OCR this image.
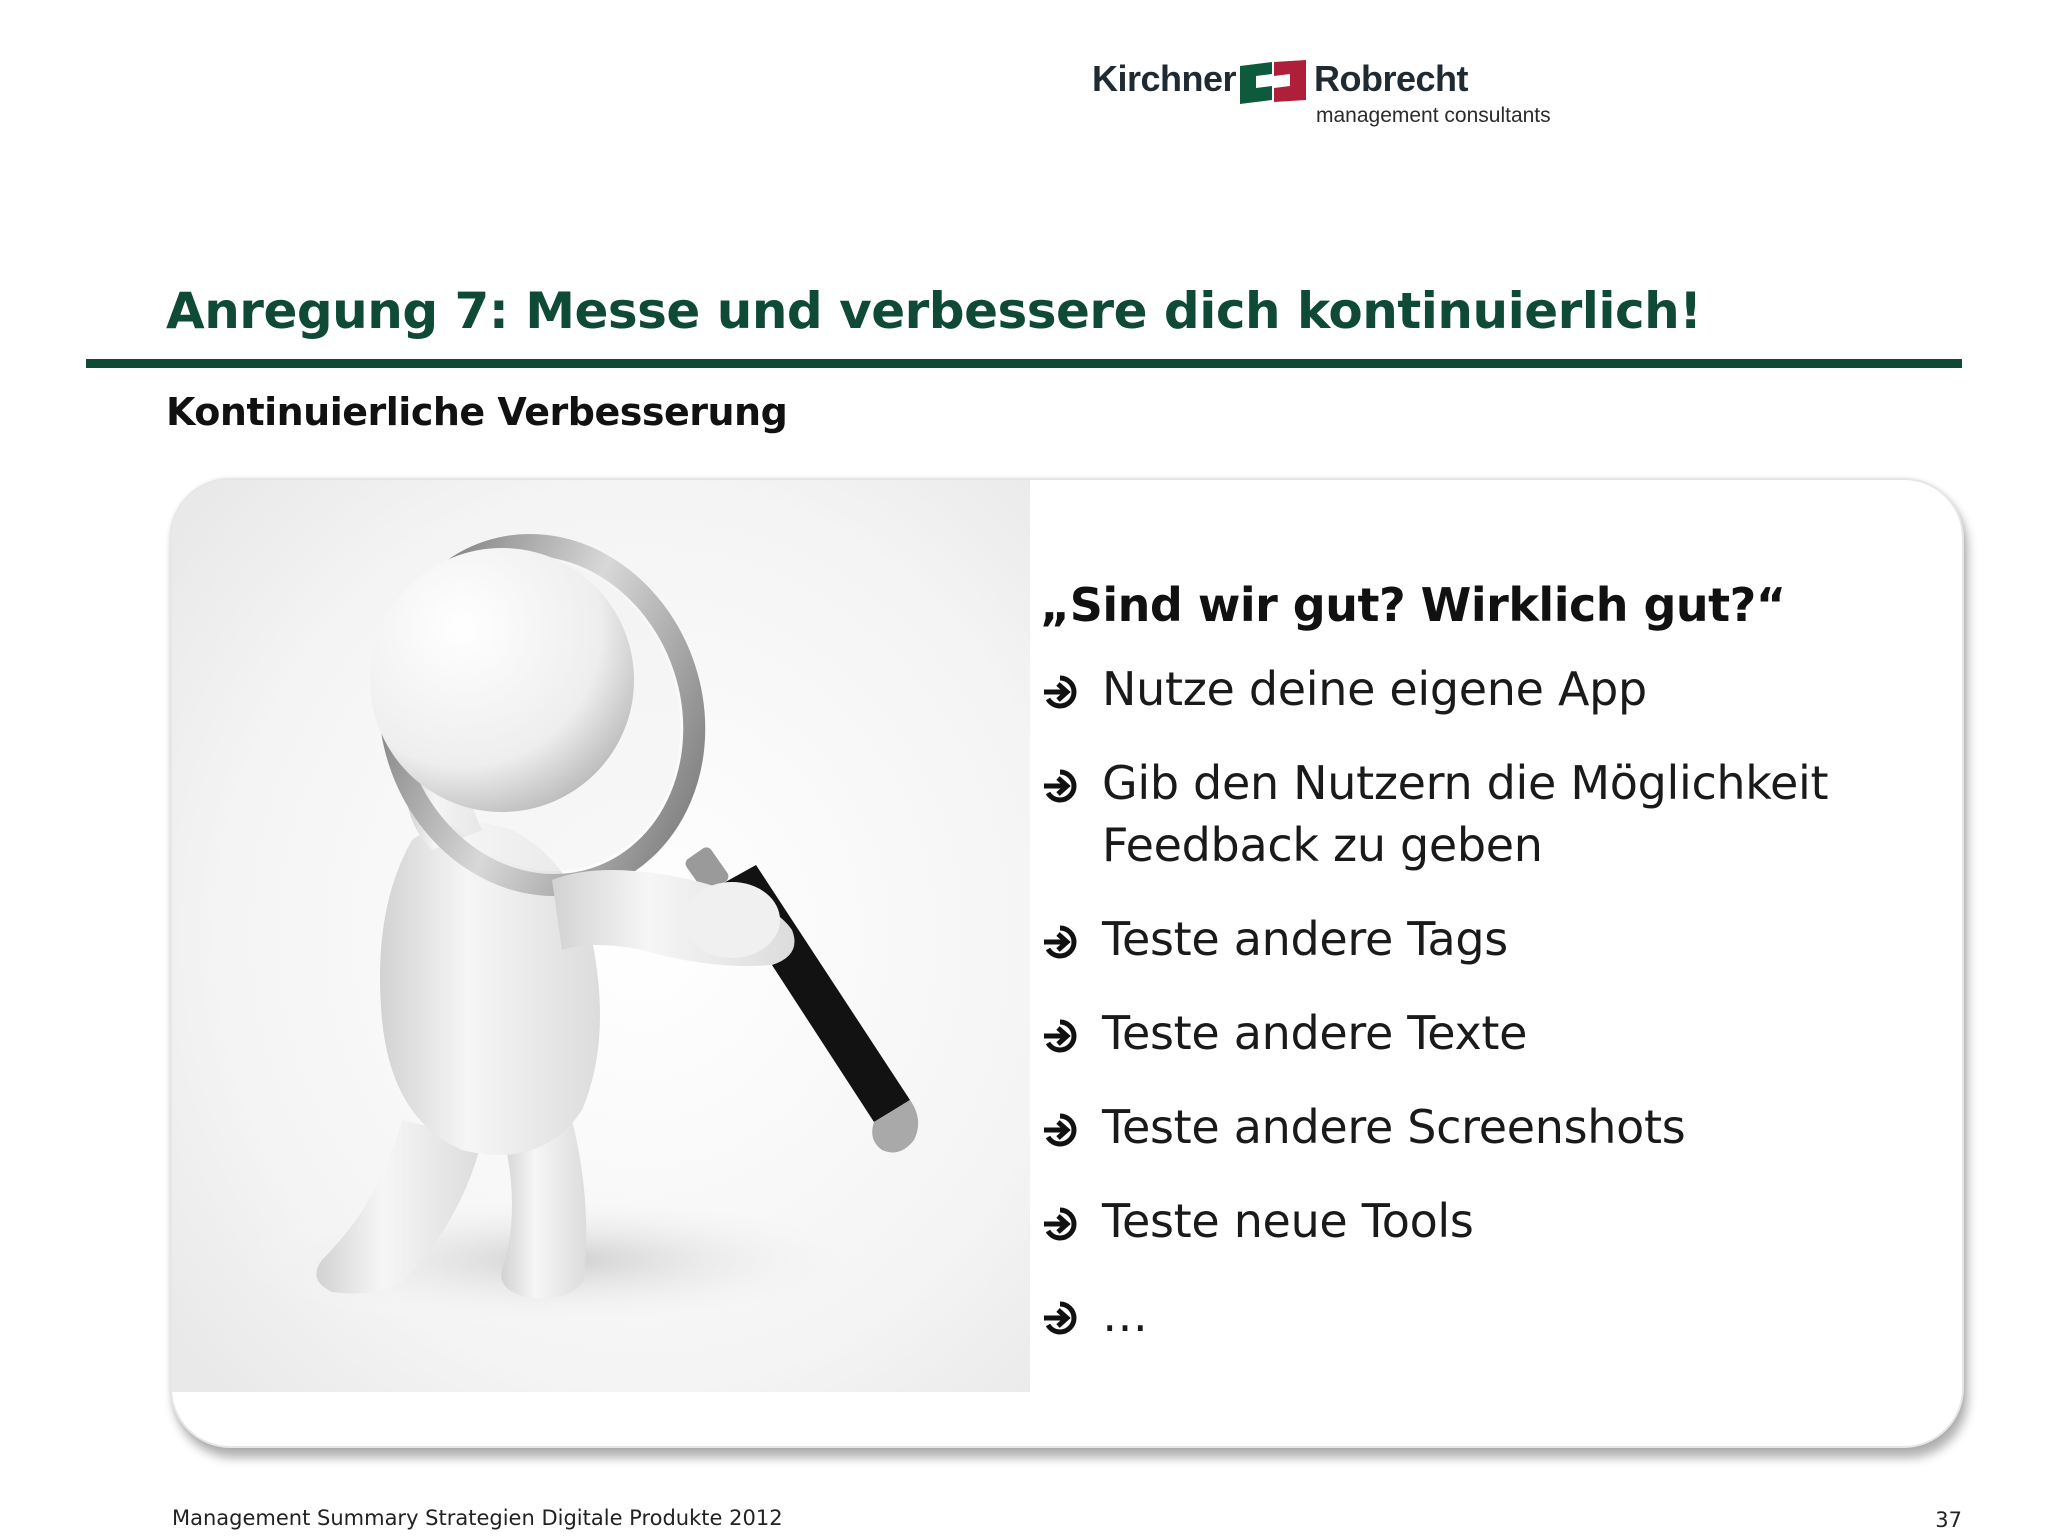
Kirchner Robrecht
management consultants
Anregung 7: Messe und verbessere dich kontinuierlich!
Kontinuierliche Verbesserung

„Sind wir gut? Wirklich gut?“

Nutze deine eigene App
Gib den Nutzern die Möglichkeit Feedback zu geben
Teste andere Tags
Teste andere Texte
Teste andere Screenshots
Teste neue Tools
…
Management Summary Strategien Digitale Produkte 2012	37
